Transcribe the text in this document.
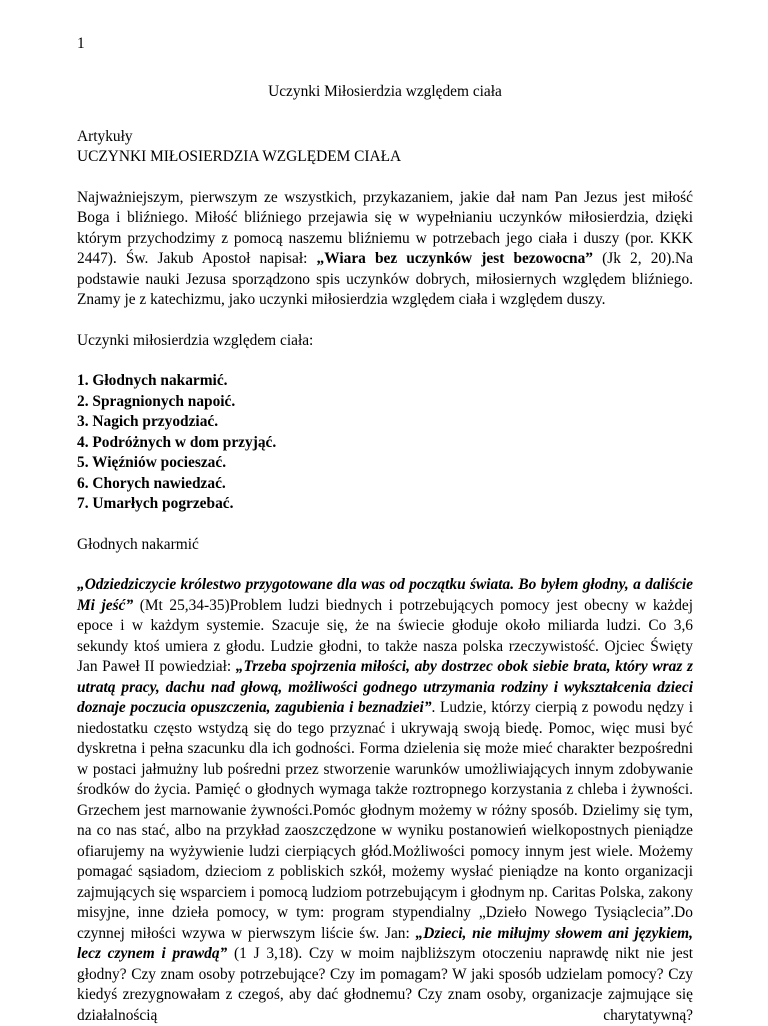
1

Uczynki Miłosierdzia względem ciała

Artykuły

UCZYNKI MIŁOSIERDZIA WZGLĘDEM CIAŁA

Najważniejszym, pierwszym ze wszystkich, przykazaniem, jakie dał nam Pan Jezus jest miłość Boga i bliźniego. Miłość bliźniego przejawia się w wypełnianiu uczynków miłosierdzia, dzięki którym przychodzimy z pomocą naszemu bliźniemu w potrzebach jego ciała i duszy (por. KKK 2447). Św. Jakub Apostoł napisał: „Wiara bez uczynków jest bezowocna” (Jk 2, 20).Na podstawie nauki Jezusa sporządzono spis uczynków dobrych, miłosiernych względem bliźniego. Znamy je z katechizmu, jako uczynki miłosierdzia względem ciała i względem duszy.

Uczynki miłosierdzia względem ciała:

1. Głodnych nakarmić.
2. Spragnionych napoić.
3. Nagich przyodziać.
4. Podróżnych w dom przyjąć.
5. Więźniów pocieszać.
6. Chorych nawiedzać.
7. Umarłych pogrzebać.

Głodnych nakarmić

„Odziedziczycie królestwo przygotowane dla was od początku świata. Bo byłem głodny, a daliście Mi jeść” (Mt 25,34-35)Problem ludzi biednych i potrzebujących pomocy jest obecny w każdej epoce i w każdym systemie. Szacuje się, że na świecie głoduje około miliarda ludzi. Co 3,6 sekundy ktoś umiera z głodu. Ludzie głodni, to także nasza polska rzeczywistość. Ojciec Święty Jan Paweł II powiedział: „Trzeba spojrzenia miłości, aby dostrzec obok siebie brata, który wraz z utratą pracy, dachu nad głową, możliwości godnego utrzymania rodziny i wykształcenia dzieci doznaje poczucia opuszczenia, zagubienia i beznadziei”. Ludzie, którzy cierpią z powodu nędzy i niedostatku często wstydzą się do tego przyznać i ukrywają swoją biedę. Pomoc, więc musi być dyskretna i pełna szacunku dla ich godności. Forma dzielenia się może mieć charakter bezpośredni w postaci jałmużny lub pośredni przez stworzenie warunków umożliwiających innym zdobywanie środków do życia. Pamięć o głodnych wymaga także roztropnego korzystania z chleba i żywności. Grzechem jest marnowanie żywności.Pomóc głodnym możemy w różny sposób. Dzielimy się tym, na co nas stać, albo na przykład zaoszczędzone w wyniku postanowień wielkopostnych pieniądze ofiarujemy na wyżywienie ludzi cierpiących głód.Możliwości pomocy innym jest wiele. Możemy pomagać sąsiadom, dzieciom z pobliskich szkół, możemy wysłać pieniądze na konto organizacji zajmujących się wsparciem i pomocą ludziom potrzebującym i głodnym np. Caritas Polska, zakony misyjne, inne dzieła pomocy, w tym: program stypendialny „Dzieło Nowego Tysiąclecia”.Do czynnej miłości wzywa w pierwszym liście św. Jan: „Dzieci, nie miłujmy słowem ani językiem, lecz czynem i prawdą” (1 J 3,18). Czy w moim najbliższym otoczeniu naprawdę nikt nie jest głodny? Czy znam osoby potrzebujące? Czy im pomagam? W jaki sposób udzielam pomocy? Czy kiedyś zrezygnowałam z czegoś, aby dać głodnemu? Czy znam osoby, organizacje zajmujące się działalnością charytatywną?
